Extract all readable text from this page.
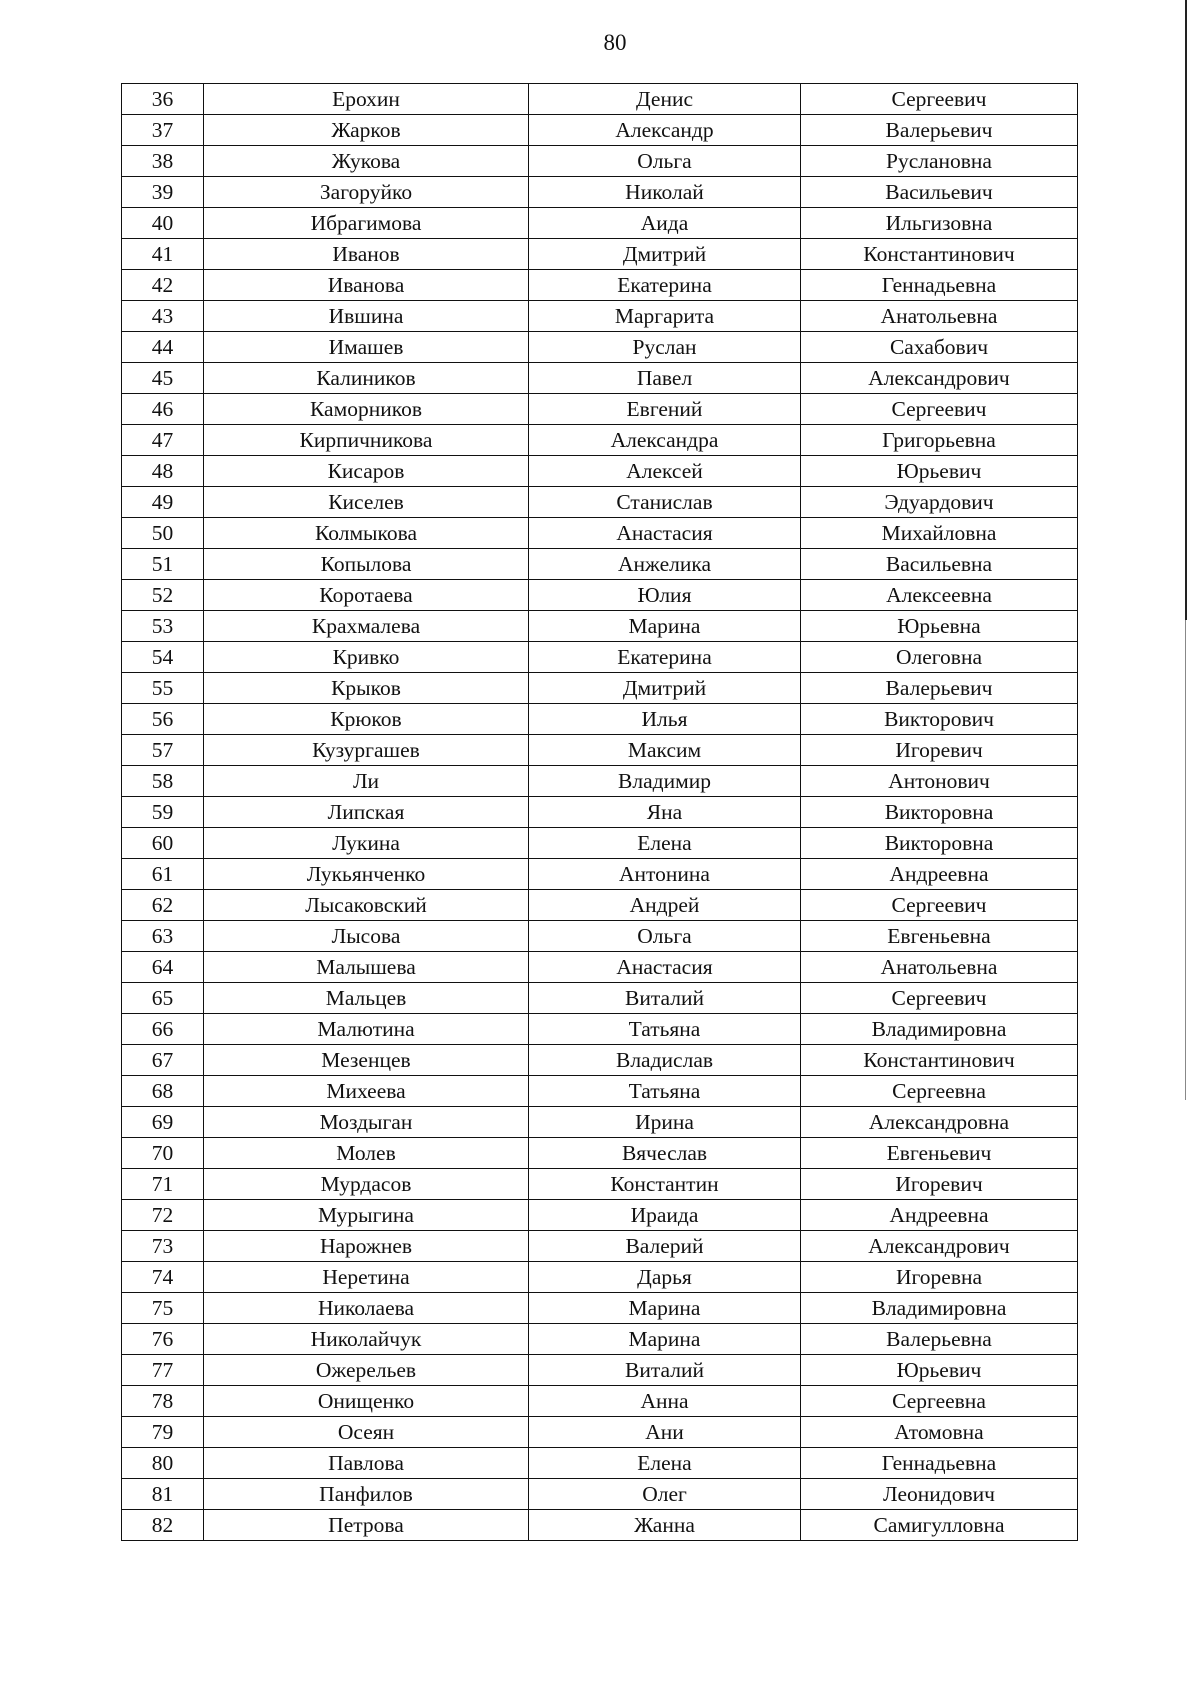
80
36	Ерохин	Денис	Сергеевич
37	Жарков	Александр	Валерьевич
38	Жукова	Ольга	Руслановна
39	Загоруйко	Николай	Васильевич
40	Ибрагимова	Аида	Ильгизовна
41	Иванов	Дмитрий	Константинович
42	Иванова	Екатерина	Геннадьевна
43	Ившина	Маргарита	Анатольевна
44	Имашев	Руслан	Сахабович
45	Калиников	Павел	Александрович
46	Каморников	Евгений	Сергеевич
47	Кирпичникова	Александра	Григорьевна
48	Кисаров	Алексей	Юрьевич
49	Киселев	Станислав	Эдуардович
50	Колмыкова	Анастасия	Михайловна
51	Копылова	Анжелика	Васильевна
52	Коротаева	Юлия	Алексеевна
53	Крахмалева	Марина	Юрьевна
54	Кривко	Екатерина	Олеговна
55	Крыков	Дмитрий	Валерьевич
56	Крюков	Илья	Викторович
57	Кузургашев	Максим	Игоревич
58	Ли	Владимир	Антонович
59	Липская	Яна	Викторовна
60	Лукина	Елена	Викторовна
61	Лукьянченко	Антонина	Андреевна
62	Лысаковский	Андрей	Сергеевич
63	Лысова	Ольга	Евгеньевна
64	Малышева	Анастасия	Анатольевна
65	Мальцев	Виталий	Сергеевич
66	Малютина	Татьяна	Владимировна
67	Мезенцев	Владислав	Константинович
68	Михеева	Татьяна	Сергеевна
69	Моздыган	Ирина	Александровна
70	Молев	Вячеслав	Евгеньевич
71	Мурдасов	Константин	Игоревич
72	Мурыгина	Ираида	Андреевна
73	Нарожнев	Валерий	Александрович
74	Неретина	Дарья	Игоревна
75	Николаева	Марина	Владимировна
76	Николайчук	Марина	Валерьевна
77	Ожерельев	Виталий	Юрьевич
78	Онищенко	Анна	Сергеевна
79	Осеян	Ани	Атомовна
80	Павлова	Елена	Геннадьевна
81	Панфилов	Олег	Леонидович
82	Петрова	Жанна	Самигулловна
